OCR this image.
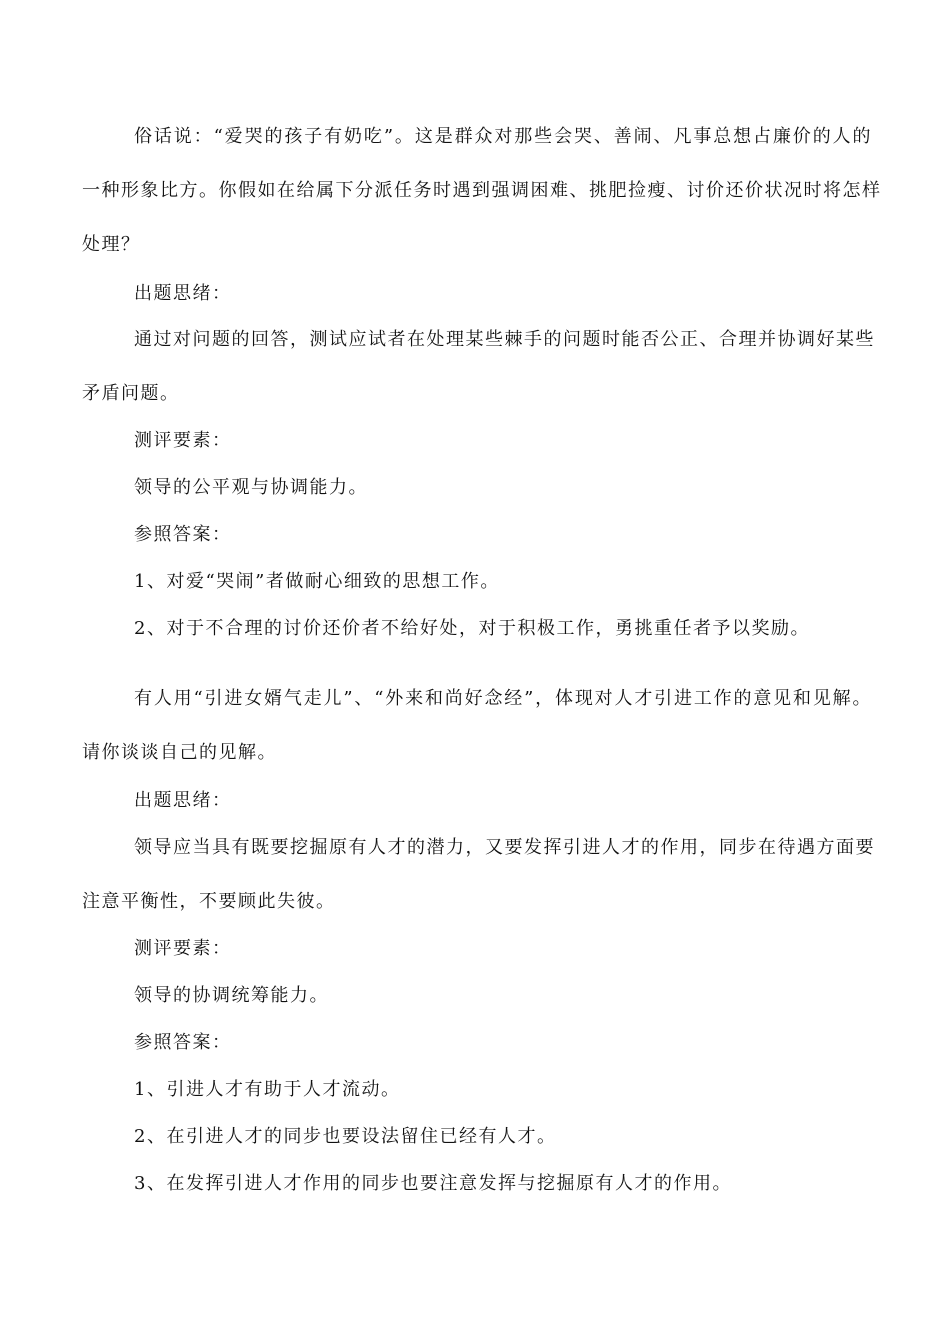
俗话说：“爱哭的孩子有奶吃”。这是群众对那些会哭、善闹、凡事总想占廉价的人的
一种形象比方。你假如在给属下分派任务时遇到强调困难、挑肥捡瘦、讨价还价状况时将怎样
处理？
出题思绪：
通过对问题的回答，测试应试者在处理某些棘手的问题时能否公正、合理并协调好某些
矛盾问题。
测评要素：
领导的公平观与协调能力。
参照答案：
1、对爱“哭闹”者做耐心细致的思想工作。
2、对于不合理的讨价还价者不给好处，对于积极工作，勇挑重任者予以奖励。
有人用“引进女婿气走儿”、“外来和尚好念经”，体现对人才引进工作的意见和见解。
请你谈谈自己的见解。
出题思绪：
领导应当具有既要挖掘原有人才的潜力，又要发挥引进人才的作用，同步在待遇方面要
注意平衡性，不要顾此失彼。
测评要素：
领导的协调统筹能力。
参照答案：
1、引进人才有助于人才流动。
2、在引进人才的同步也要设法留住已经有人才。
3、在发挥引进人才作用的同步也要注意发挥与挖掘原有人才的作用。
